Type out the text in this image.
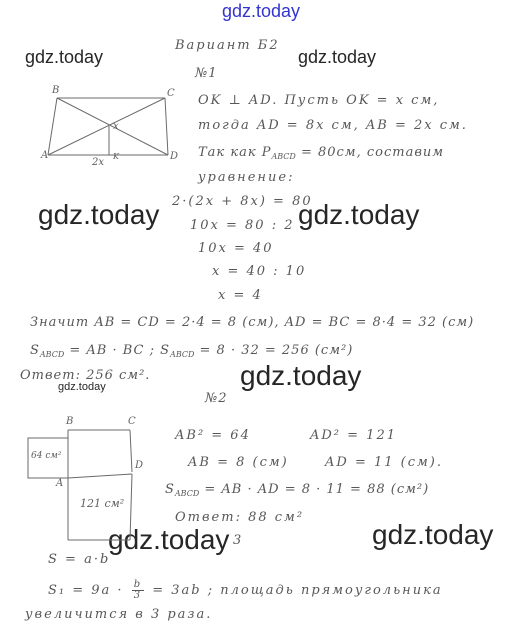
gdz.today
gdz.today	gdz.today
gdz.today	gdz.today
gdz.today
gdz.today
gdz.today	gdz.today
Вариант Б2
№1
B	C
A	D
x
K
2x
OK ⊥ AD. Пусть OK = x см,
тогда AD = 8x см, AB = 2x см.
Так как $P_{ABCD} = 80см$, составим
уравнение:
2·(2x + 8x) = 80
10x = 80 : 2
10x = 40
x = 40 : 10
x = 4
Значит AB = CD = 2·4 = 8 (см), AD = BC = 8·4 = 32 (см)
$S_{ABCD}$ = AB · BC ; $S_{ABCD} = 8 \cdot 32 = 256$ (см²)
Ответ: 256 см².
№2
B	C
D
A
64 см²
121 см²
AB² = 64	AD² = 121
AB = 8 (см)	AD = 11 (см).
$S_{ABCD}$ = AB · AD = 8 · 11 = 88 (см²)
Ответ: 88 см²
3
S = a·b
$S_1 = 9a \cdot \frac{b}{3} = 3ab$ ; площадь прямоугольника
увеличится в 3 раза.
